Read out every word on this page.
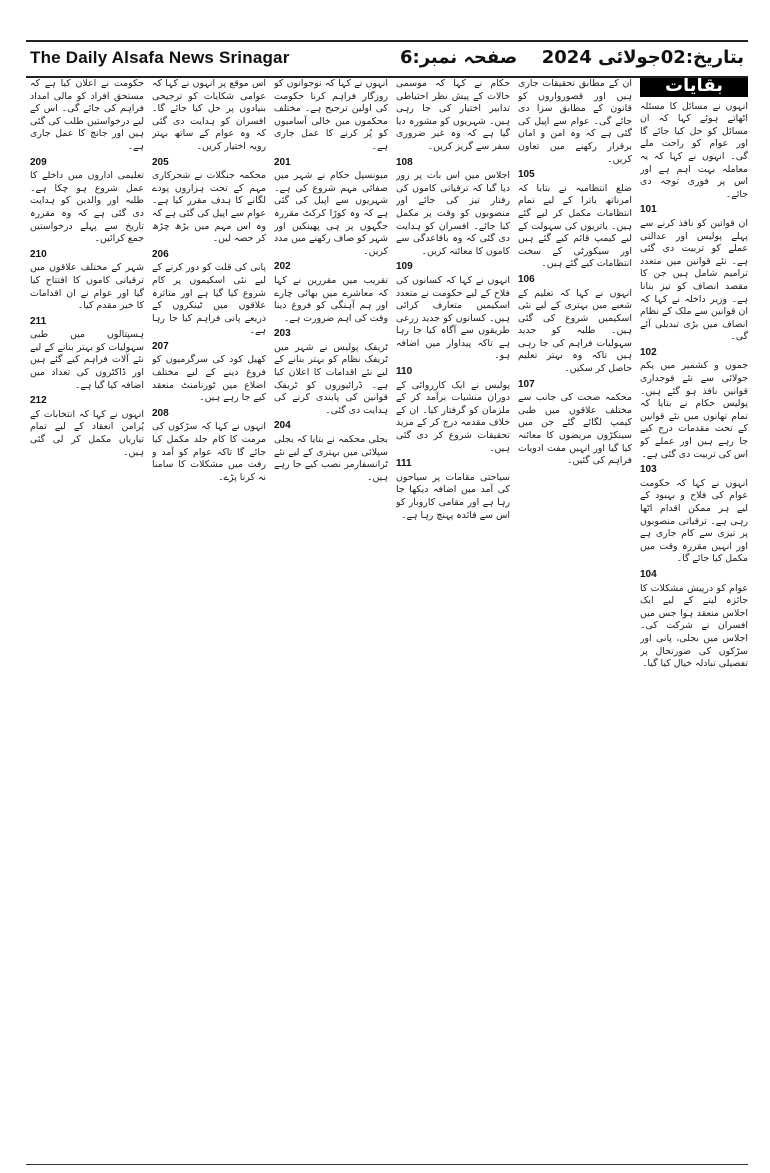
The Daily Alsafa News Srinagar	صفحہ نمبر:6 بتاریخ:02جولائی 2024
بقایات

انہوں نے مسائل کا مسئلہ اٹھاتے ہوئے کہا کہ ان مسائل کو حل کیا جائے گا اور عوام کو راحت ملے گی۔ انہوں نے کہا کہ یہ معاملہ بہت اہم ہے اور اس پر فوری توجہ دی جائے۔

101

ان قوانین کو نافذ کرنے سے پہلے پولیس اور عدالتی عملے کو تربیت دی گئی ہے۔ نئے قوانین میں متعدد ترامیم شامل ہیں جن کا مقصد انصاف کو تیز بنانا ہے۔ وزیر داخلہ نے کہا کہ ان قوانین سے ملک کے نظام انصاف میں بڑی تبدیلی آئے گی۔

102

جموں و کشمیر میں یکم جولائی سے نئے فوجداری قوانین نافذ ہو گئے ہیں۔ پولیس حکام نے بتایا کہ تمام تھانوں میں نئے قوانین کے تحت مقدمات درج کیے جا رہے ہیں اور عملے کو اس کی تربیت دی گئی ہے۔

103

انہوں نے کہا کہ حکومت عوام کی فلاح و بہبود کے لیے ہر ممکن اقدام اٹھا رہی ہے۔ ترقیاتی منصوبوں پر تیزی سے کام جاری ہے اور انہیں مقررہ وقت میں مکمل کیا جائے گا۔

104

عوام کو درپیش مشکلات کا جائزہ لینے کے لیے ایک اجلاس منعقد ہوا جس میں افسران نے شرکت کی۔ اجلاس میں بجلی، پانی اور سڑکوں کی صورتحال پر تفصیلی تبادلہ خیال کیا گیا۔

ان کے مطابق تحقیقات جاری ہیں اور قصورواروں کو قانون کے مطابق سزا دی جائے گی۔ عوام سے اپیل کی گئی ہے کہ وہ امن و امان برقرار رکھنے میں تعاون کریں۔

105

ضلع انتظامیہ نے بتایا کہ امرناتھ یاترا کے لیے تمام انتظامات مکمل کر لیے گئے ہیں۔ یاتریوں کی سہولت کے لیے کیمپ قائم کیے گئے ہیں اور سیکورٹی کے سخت انتظامات کیے گئے ہیں۔

106

انہوں نے کہا کہ تعلیم کے شعبے میں بہتری کے لیے نئی اسکیمیں شروع کی گئی ہیں۔ طلبہ کو جدید سہولیات فراہم کی جا رہی ہیں تاکہ وہ بہتر تعلیم حاصل کر سکیں۔

107

محکمہ صحت کی جانب سے مختلف علاقوں میں طبی کیمپ لگائے گئے جن میں سینکڑوں مریضوں کا معائنہ کیا گیا اور انہیں مفت ادویات فراہم کی گئیں۔

حکام نے کہا کہ موسمی حالات کے پیش نظر احتیاطی تدابیر اختیار کی جا رہی ہیں۔ شہریوں کو مشورہ دیا گیا ہے کہ وہ غیر ضروری سفر سے گریز کریں۔

108

اجلاس میں اس بات پر زور دیا گیا کہ ترقیاتی کاموں کی رفتار تیز کی جائے اور منصوبوں کو وقت پر مکمل کیا جائے۔ افسران کو ہدایت دی گئی کہ وہ باقاعدگی سے کاموں کا معائنہ کریں۔

109

انہوں نے کہا کہ کسانوں کی فلاح کے لیے حکومت نے متعدد اسکیمیں متعارف کرائی ہیں۔ کسانوں کو جدید زرعی طریقوں سے آگاہ کیا جا رہا ہے تاکہ پیداوار میں اضافہ ہو۔

110

پولیس نے ایک کارروائی کے دوران منشیات برآمد کر کے ملزمان کو گرفتار کیا۔ ان کے خلاف مقدمہ درج کر کے مزید تحقیقات شروع کر دی گئی ہیں۔

111

سیاحتی مقامات پر سیاحوں کی آمد میں اضافہ دیکھا جا رہا ہے اور مقامی کاروبار کو اس سے فائدہ پہنچ رہا ہے۔

انہوں نے کہا کہ نوجوانوں کو روزگار فراہم کرنا حکومت کی اولین ترجیح ہے۔ مختلف محکموں میں خالی آسامیوں کو پُر کرنے کا عمل جاری ہے۔

201

میونسپل حکام نے شہر میں صفائی مہم شروع کی ہے۔ شہریوں سے اپیل کی گئی ہے کہ وہ کوڑا کرکٹ مقررہ جگہوں پر ہی پھینکیں اور شہر کو صاف رکھنے میں مدد کریں۔

202

تقریب میں مقررین نے کہا کہ معاشرے میں بھائی چارے اور ہم آہنگی کو فروغ دینا وقت کی اہم ضرورت ہے۔

203

ٹریفک پولیس نے شہر میں ٹریفک نظام کو بہتر بنانے کے لیے نئے اقدامات کا اعلان کیا ہے۔ ڈرائیوروں کو ٹریفک قوانین کی پابندی کرنے کی ہدایت دی گئی۔

204

بجلی محکمہ نے بتایا کہ بجلی سپلائی میں بہتری کے لیے نئے ٹرانسفارمر نصب کیے جا رہے ہیں۔

اس موقع پر انہوں نے کہا کہ عوامی شکایات کو ترجیحی بنیادوں پر حل کیا جائے گا۔ افسران کو ہدایت دی گئی کہ وہ عوام کے ساتھ بہتر رویہ اختیار کریں۔

205

محکمہ جنگلات نے شجرکاری مہم کے تحت ہزاروں پودے لگانے کا ہدف مقرر کیا ہے۔ عوام سے اپیل کی گئی ہے کہ وہ اس مہم میں بڑھ چڑھ کر حصہ لیں۔

206

پانی کی قلت کو دور کرنے کے لیے نئی اسکیموں پر کام شروع کیا گیا ہے اور متاثرہ علاقوں میں ٹینکروں کے ذریعے پانی فراہم کیا جا رہا ہے۔

207

کھیل کود کی سرگرمیوں کو فروغ دینے کے لیے مختلف اضلاع میں ٹورنامنٹ منعقد کیے جا رہے ہیں۔

208

انہوں نے کہا کہ سڑکوں کی مرمت کا کام جلد مکمل کیا جائے گا تاکہ عوام کو آمد و رفت میں مشکلات کا سامنا نہ کرنا پڑے۔

حکومت نے اعلان کیا ہے کہ مستحق افراد کو مالی امداد فراہم کی جائے گی۔ اس کے لیے درخواستیں طلب کی گئی ہیں اور جانچ کا عمل جاری ہے۔

209

تعلیمی اداروں میں داخلے کا عمل شروع ہو چکا ہے۔ طلبہ اور والدین کو ہدایت دی گئی ہے کہ وہ مقررہ تاریخ سے پہلے درخواستیں جمع کرائیں۔

210

شہر کے مختلف علاقوں میں ترقیاتی کاموں کا افتتاح کیا گیا اور عوام نے ان اقدامات کا خیر مقدم کیا۔

211

ہسپتالوں میں طبی سہولیات کو بہتر بنانے کے لیے نئے آلات فراہم کیے گئے ہیں اور ڈاکٹروں کی تعداد میں اضافہ کیا گیا ہے۔

212

انہوں نے کہا کہ انتخابات کے پُرامن انعقاد کے لیے تمام تیاریاں مکمل کر لی گئی ہیں۔
